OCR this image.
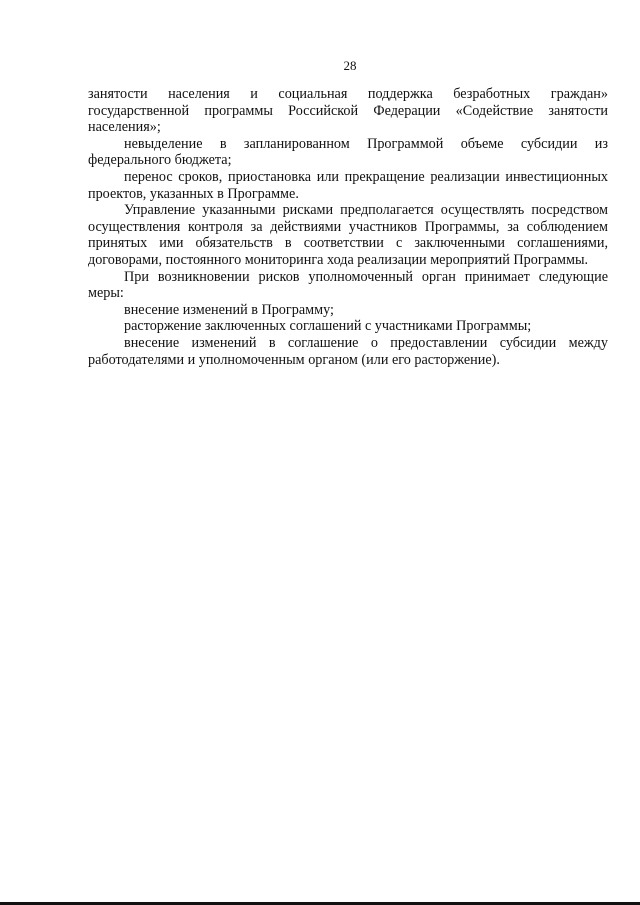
28

занятости населения и социальная поддержка безработных граждан» государственной программы Российской Федерации «Содействие занятости населения»;

невыделение в запланированном Программой объеме субсидии из федерального бюджета;

перенос сроков, приостановка или прекращение реализации инвестиционных проектов, указанных в Программе.

Управление указанными рисками предполагается осуществлять посредством осуществления контроля за действиями участников Программы, за соблюдением принятых ими обязательств в соответствии с заключенными соглашениями, договорами, постоянного мониторинга хода реализации мероприятий Программы.

При возникновении рисков уполномоченный орган принимает следующие меры:

внесение изменений в Программу;

расторжение заключенных соглашений с участниками Программы;

внесение изменений в соглашение о предоставлении субсидии между работодателями и уполномоченным органом (или его расторжение).
